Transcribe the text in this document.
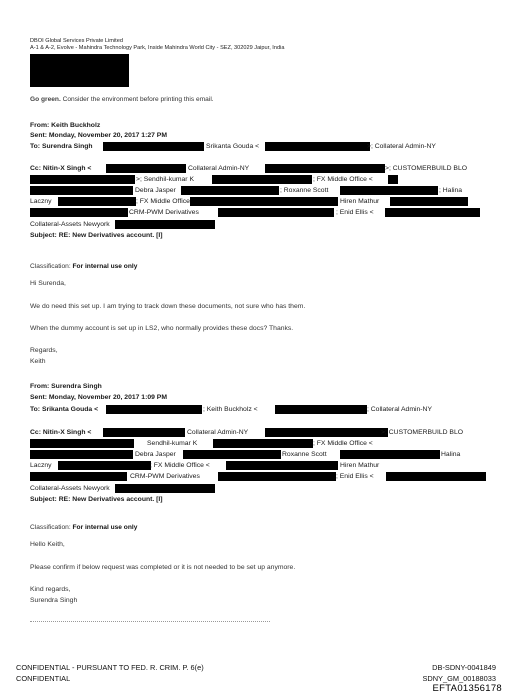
DBOI Global Services Private Limited
A-1 & A-2, Evolve - Mahindra Technology Park, Inside Mahindra World City - SEZ, 302029 Jaipur, India
Go green. Consider the environment before printing this email.
From: Keith Buckholz
Sent: Monday, November 20, 2017 1:27 PM
To: Surendra Singh	Srikanta Gouda <	>; Collateral Admin-NY
Cc: Nitin-X Singh <	Collateral Admin-NY	>; CUSTOMERBUILD BLO
>; Sendhil-kumar K	; FX Middle Office <
Debra Jasper	; Roxanne Scott	; Halina
Laczny	; FX Middle Office	Hiren Mathur
CRM-PWM Derivatives	; Enid Ellis <
Collateral-Assets Newyork
Subject: RE: New Derivatives account. [I]
Classification: For internal use only
Hi Surenda,
We do need this set up. I am trying to track down these documents, not sure who has them.
When the dummy account is set up in LS2, who normally provides these docs? Thanks.
Regards,
Keith
From: Surendra Singh
Sent: Monday, November 20, 2017 1:09 PM
To: Srikanta Gouda <	; Keith Buckholz <	; Collateral Admin-NY
Cc: Nitin-X Singh <	Collateral Admin-NY	>; CUSTOMERBUILD BLO
Sendhil-kumar K	; FX Middle Office <
Debra Jasper	Roxanne Scott	Halina
Laczny	; FX Middle Office <	Hiren Mathur
CRM-PWM Derivatives	; Enid Ellis <
Collateral-Assets Newyork
Subject: RE: New Derivatives account. [I]
Classification: For internal use only
Hello Keith,
Please confirm if below request was completed or it is not needed to be set up anymore.
Kind regards,
Surendra Singh
CONFIDENTIAL - PURSUANT TO FED. R. CRIM. P. 6(e)
CONFIDENTIAL
DB-SDNY-0041849
SDNY_GM_00188033
EFTA01356178
